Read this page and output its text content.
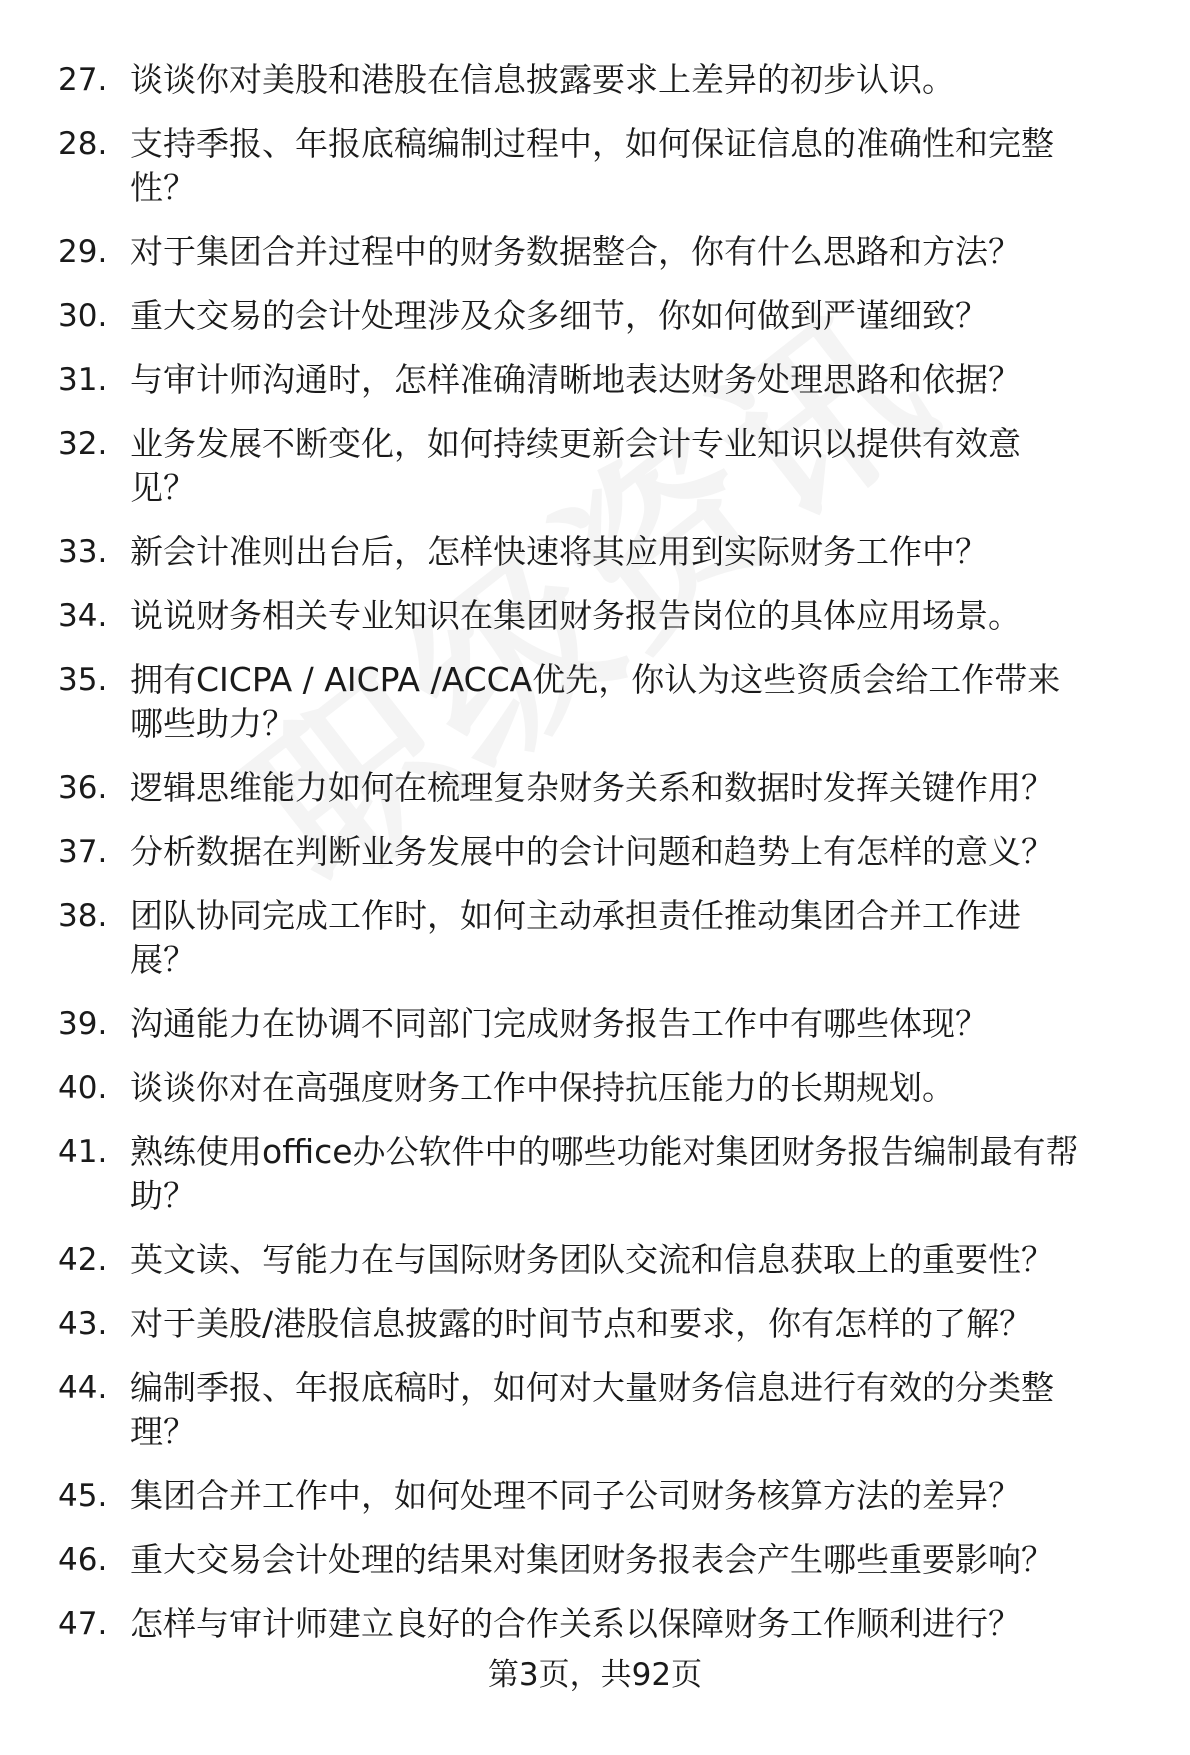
27. 谈谈你对美股和港股在信息披露要求上差异的初步认识。
28. 支持季报、年报底稿编制过程中，如何保证信息的准确性和完整
性？
29. 对于集团合并过程中的财务数据整合，你有什么思路和方法？
30. 重大交易的会计处理涉及众多细节，你如何做到严谨细致？
31. 与审计师沟通时，怎样准确清晰地表达财务处理思路和依据？
32. 业务发展不断变化，如何持续更新会计专业知识以提供有效意
见？
33. 新会计准则出台后，怎样快速将其应用到实际财务工作中？
34. 说说财务相关专业知识在集团财务报告岗位的具体应用场景。
35. 拥有CICPA / AICPA /ACCA优先，你认为这些资质会给工作带来
哪些助力？
36. 逻辑思维能力如何在梳理复杂财务关系和数据时发挥关键作用？
37. 分析数据在判断业务发展中的会计问题和趋势上有怎样的意义？
38. 团队协同完成工作时，如何主动承担责任推动集团合并工作进
展？
39. 沟通能力在协调不同部门完成财务报告工作中有哪些体现？
40. 谈谈你对在高强度财务工作中保持抗压能力的长期规划。
41. 熟练使用office办公软件中的哪些功能对集团财务报告编制最有帮
助？
42. 英文读、写能力在与国际财务团队交流和信息获取上的重要性？
43. 对于美股/港股信息披露的时间节点和要求，你有怎样的了解？
44. 编制季报、年报底稿时，如何对大量财务信息进行有效的分类整
理？
45. 集团合并工作中，如何处理不同子公司财务核算方法的差异？
46. 重大交易会计处理的结果对集团财务报表会产生哪些重要影响？
47. 怎样与审计师建立良好的合作关系以保障财务工作顺利进行？
第3页，共92页
